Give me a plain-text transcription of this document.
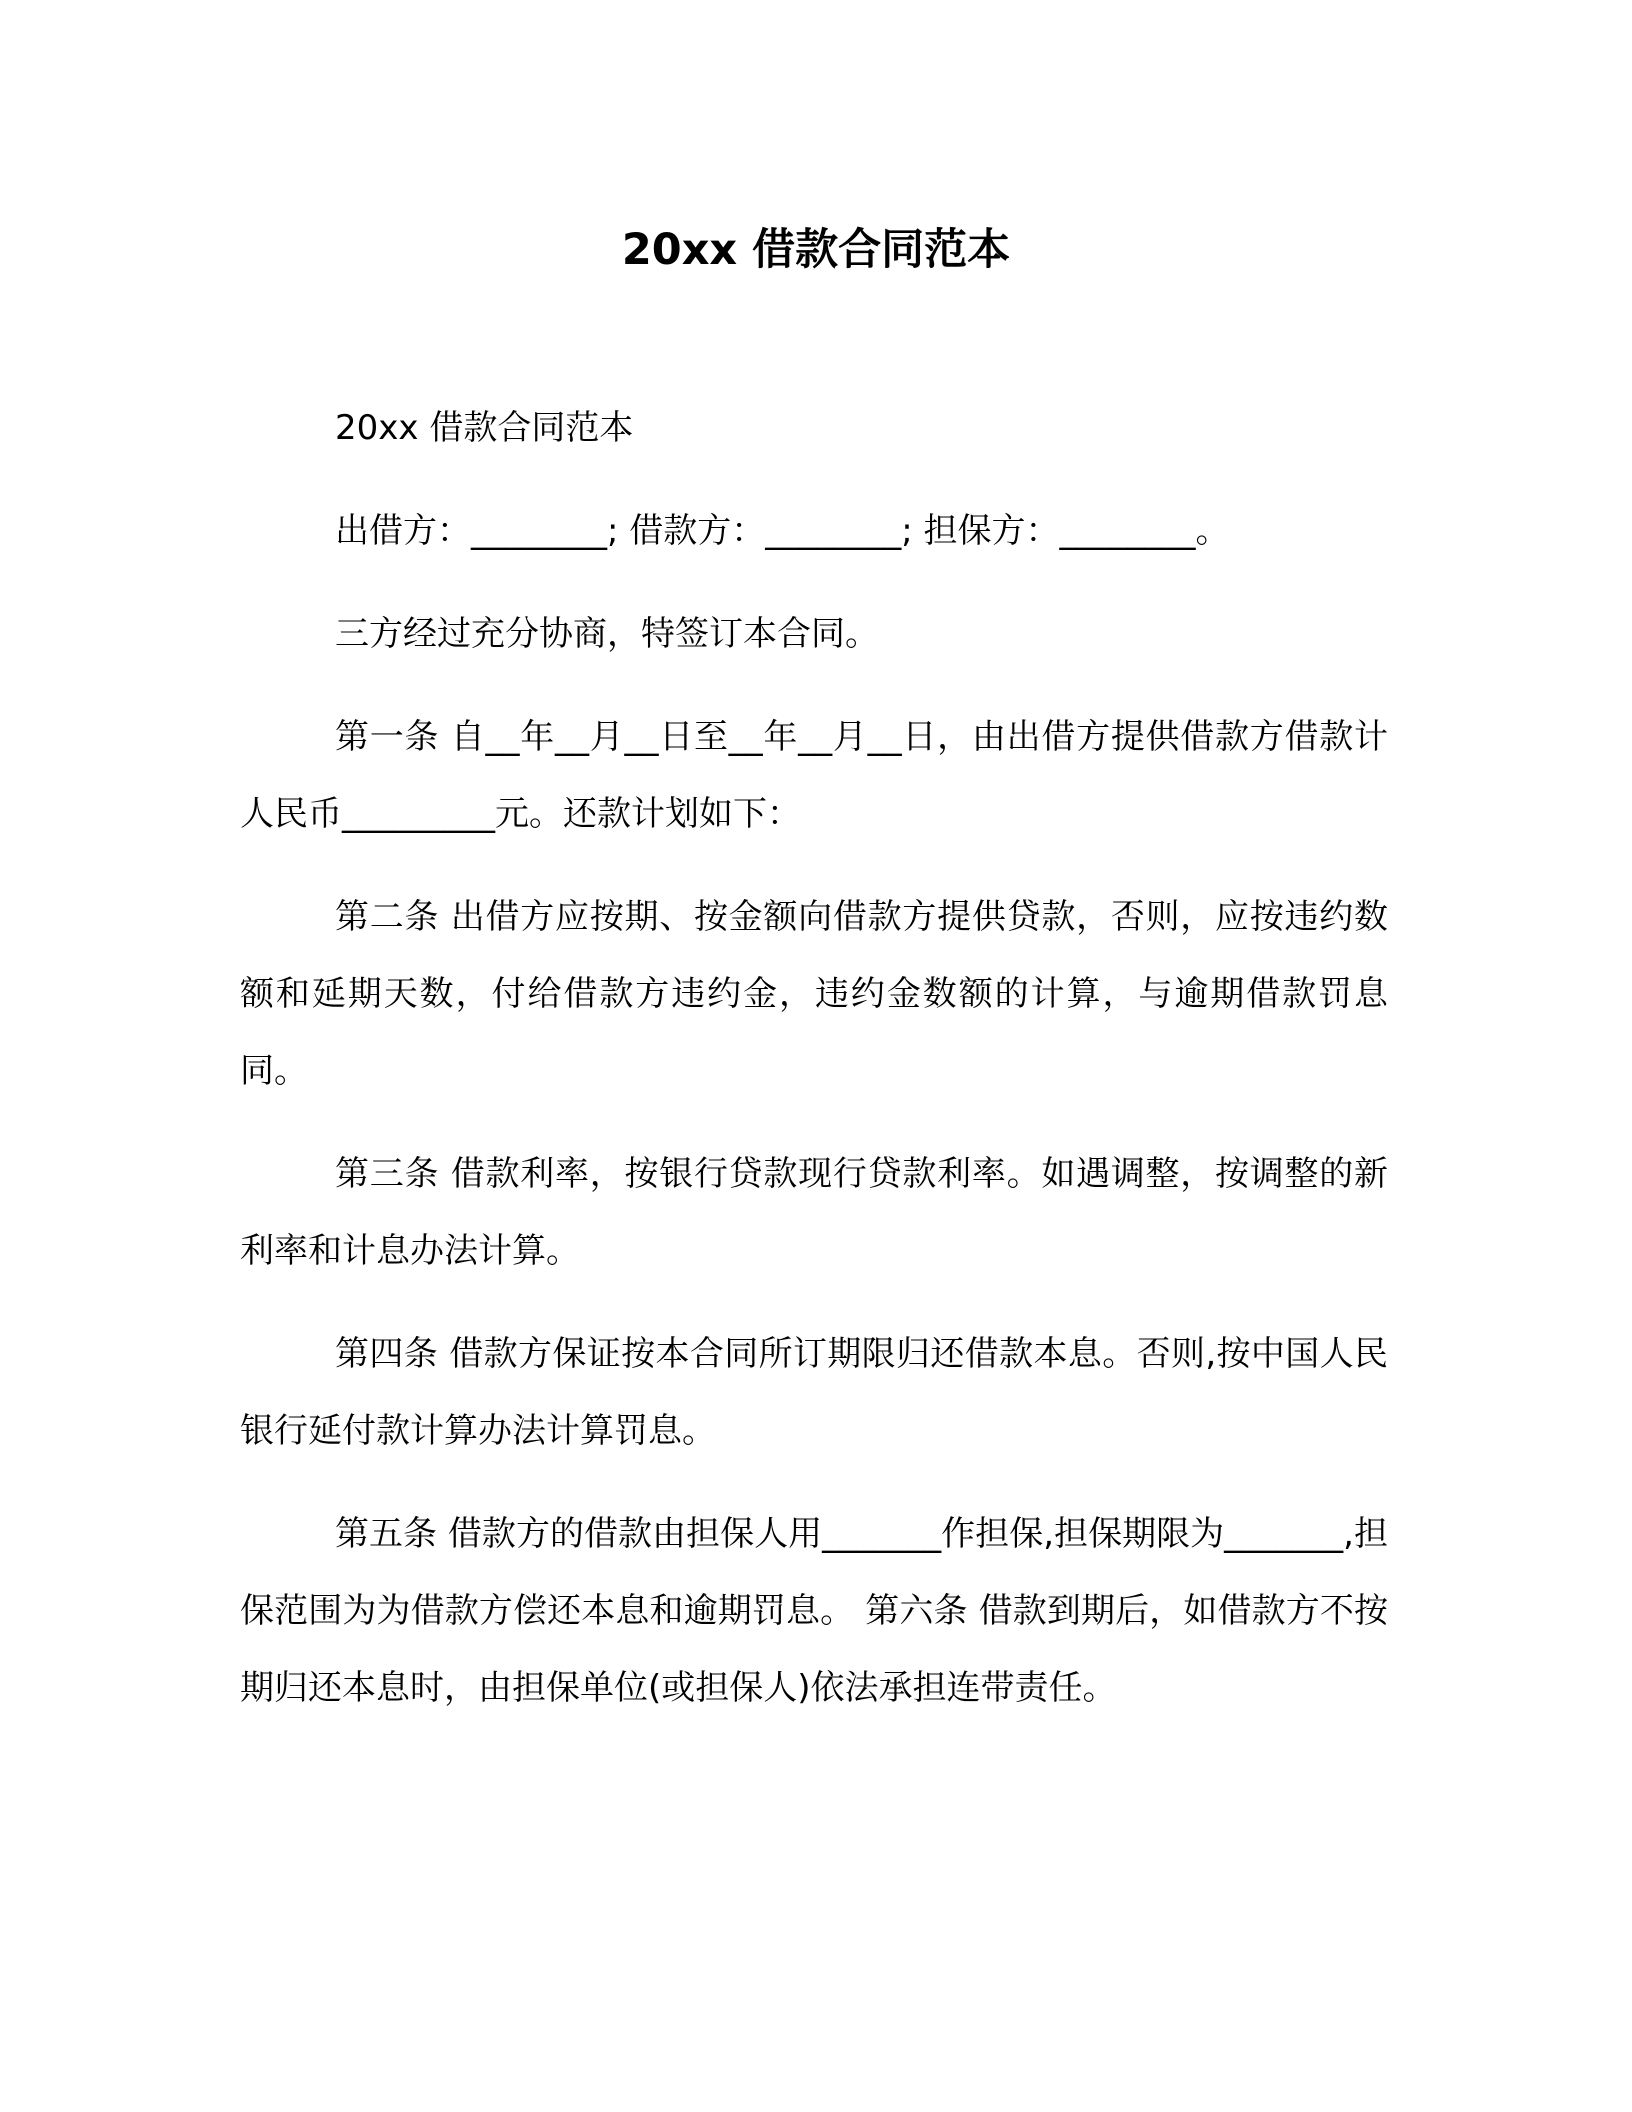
20xx 借款合同范本

20xx 借款合同范本

出借方：________; 借款方：________; 担保方：________。

三方经过充分协商，特签订本合同。

第一条 自__年__月__日至__年__月__日，由出借方提供借款方借款计人民币_________元。还款计划如下：

第二条 出借方应按期、按金额向借款方提供贷款，否则，应按违约数额和延期天数，付给借款方违约金，违约金数额的计算，与逾期借款罚息同。

第三条 借款利率，按银行贷款现行贷款利率。如遇调整，按调整的新利率和计息办法计算。

第四条 借款方保证按本合同所订期限归还借款本息。否则,按中国人民银行延付款计算办法计算罚息。

第五条 借款方的借款由担保人用_______作担保,担保期限为_______,担保范围为为借款方偿还本息和逾期罚息。 第六条 借款到期后，如借款方不按期归还本息时，由担保单位(或担保人)依法承担连带责任。
